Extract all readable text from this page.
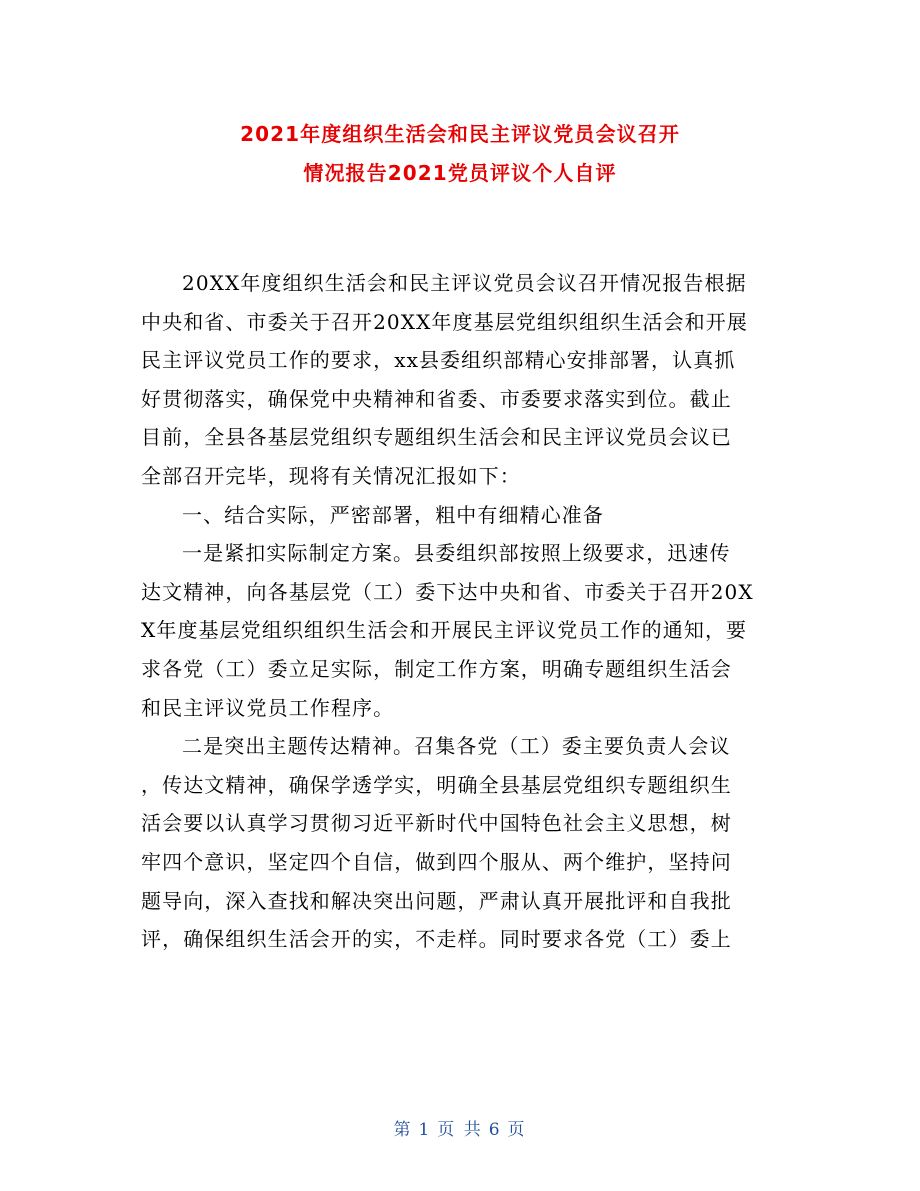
2021年度组织生活会和民主评议党员会议召开
情况报告2021党员评议个人自评
20XX年度组织生活会和民主评议党员会议召开情况报告根据
中央和省、市委关于召开20XX年度基层党组织组织生活会和开展
民主评议党员工作的要求，xx县委组织部精心安排部署，认真抓
好贯彻落实，确保党中央精神和省委、市委要求落实到位。截止
目前，全县各基层党组织专题组织生活会和民主评议党员会议已
全部召开完毕，现将有关情况汇报如下：
一、结合实际，严密部署，粗中有细精心准备
一是紧扣实际制定方案。县委组织部按照上级要求，迅速传
达文精神，向各基层党（工）委下达中央和省、市委关于召开20X
X年度基层党组织组织生活会和开展民主评议党员工作的通知，要
求各党（工）委立足实际，制定工作方案，明确专题组织生活会
和民主评议党员工作程序。
二是突出主题传达精神。召集各党（工）委主要负责人会议
，传达文精神，确保学透学实，明确全县基层党组织专题组织生
活会要以认真学习贯彻习近平新时代中国特色社会主义思想，树
牢四个意识，坚定四个自信，做到四个服从、两个维护，坚持问
题导向，深入查找和解决突出问题，严肃认真开展批评和自我批
评，确保组织生活会开的实，不走样。同时要求各党（工）委上
第 1 页 共 6 页
